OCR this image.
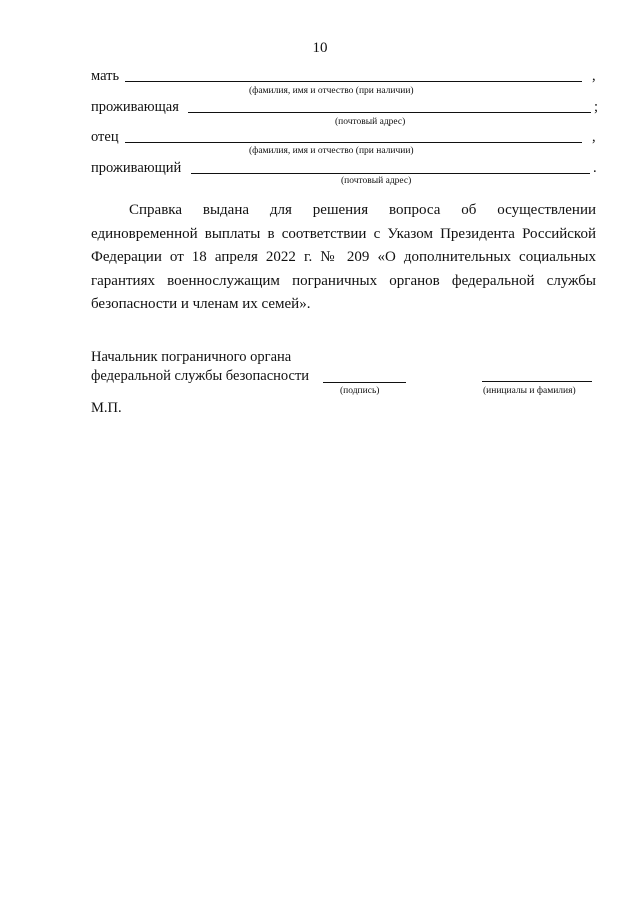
10
мать	,
(фамилия, имя и отчество (при наличии)
проживающая	;
(почтовый адрес)
отец	,
(фамилия, имя и отчество (при наличии)
проживающий	.
(почтовый адрес)

Справка выдана для решения вопроса об осуществлении единовременной выплаты в соответствии с Указом Президента Российской Федерации от 18 апреля 2022 г. № 209 «О дополнительных социальных гарантиях военнослужащим пограничных органов федеральной службы безопасности и членам их семей».

Начальник пограничного органа
федеральной службы безопасности
(подпись)	(инициалы и фамилия)
М.П.
